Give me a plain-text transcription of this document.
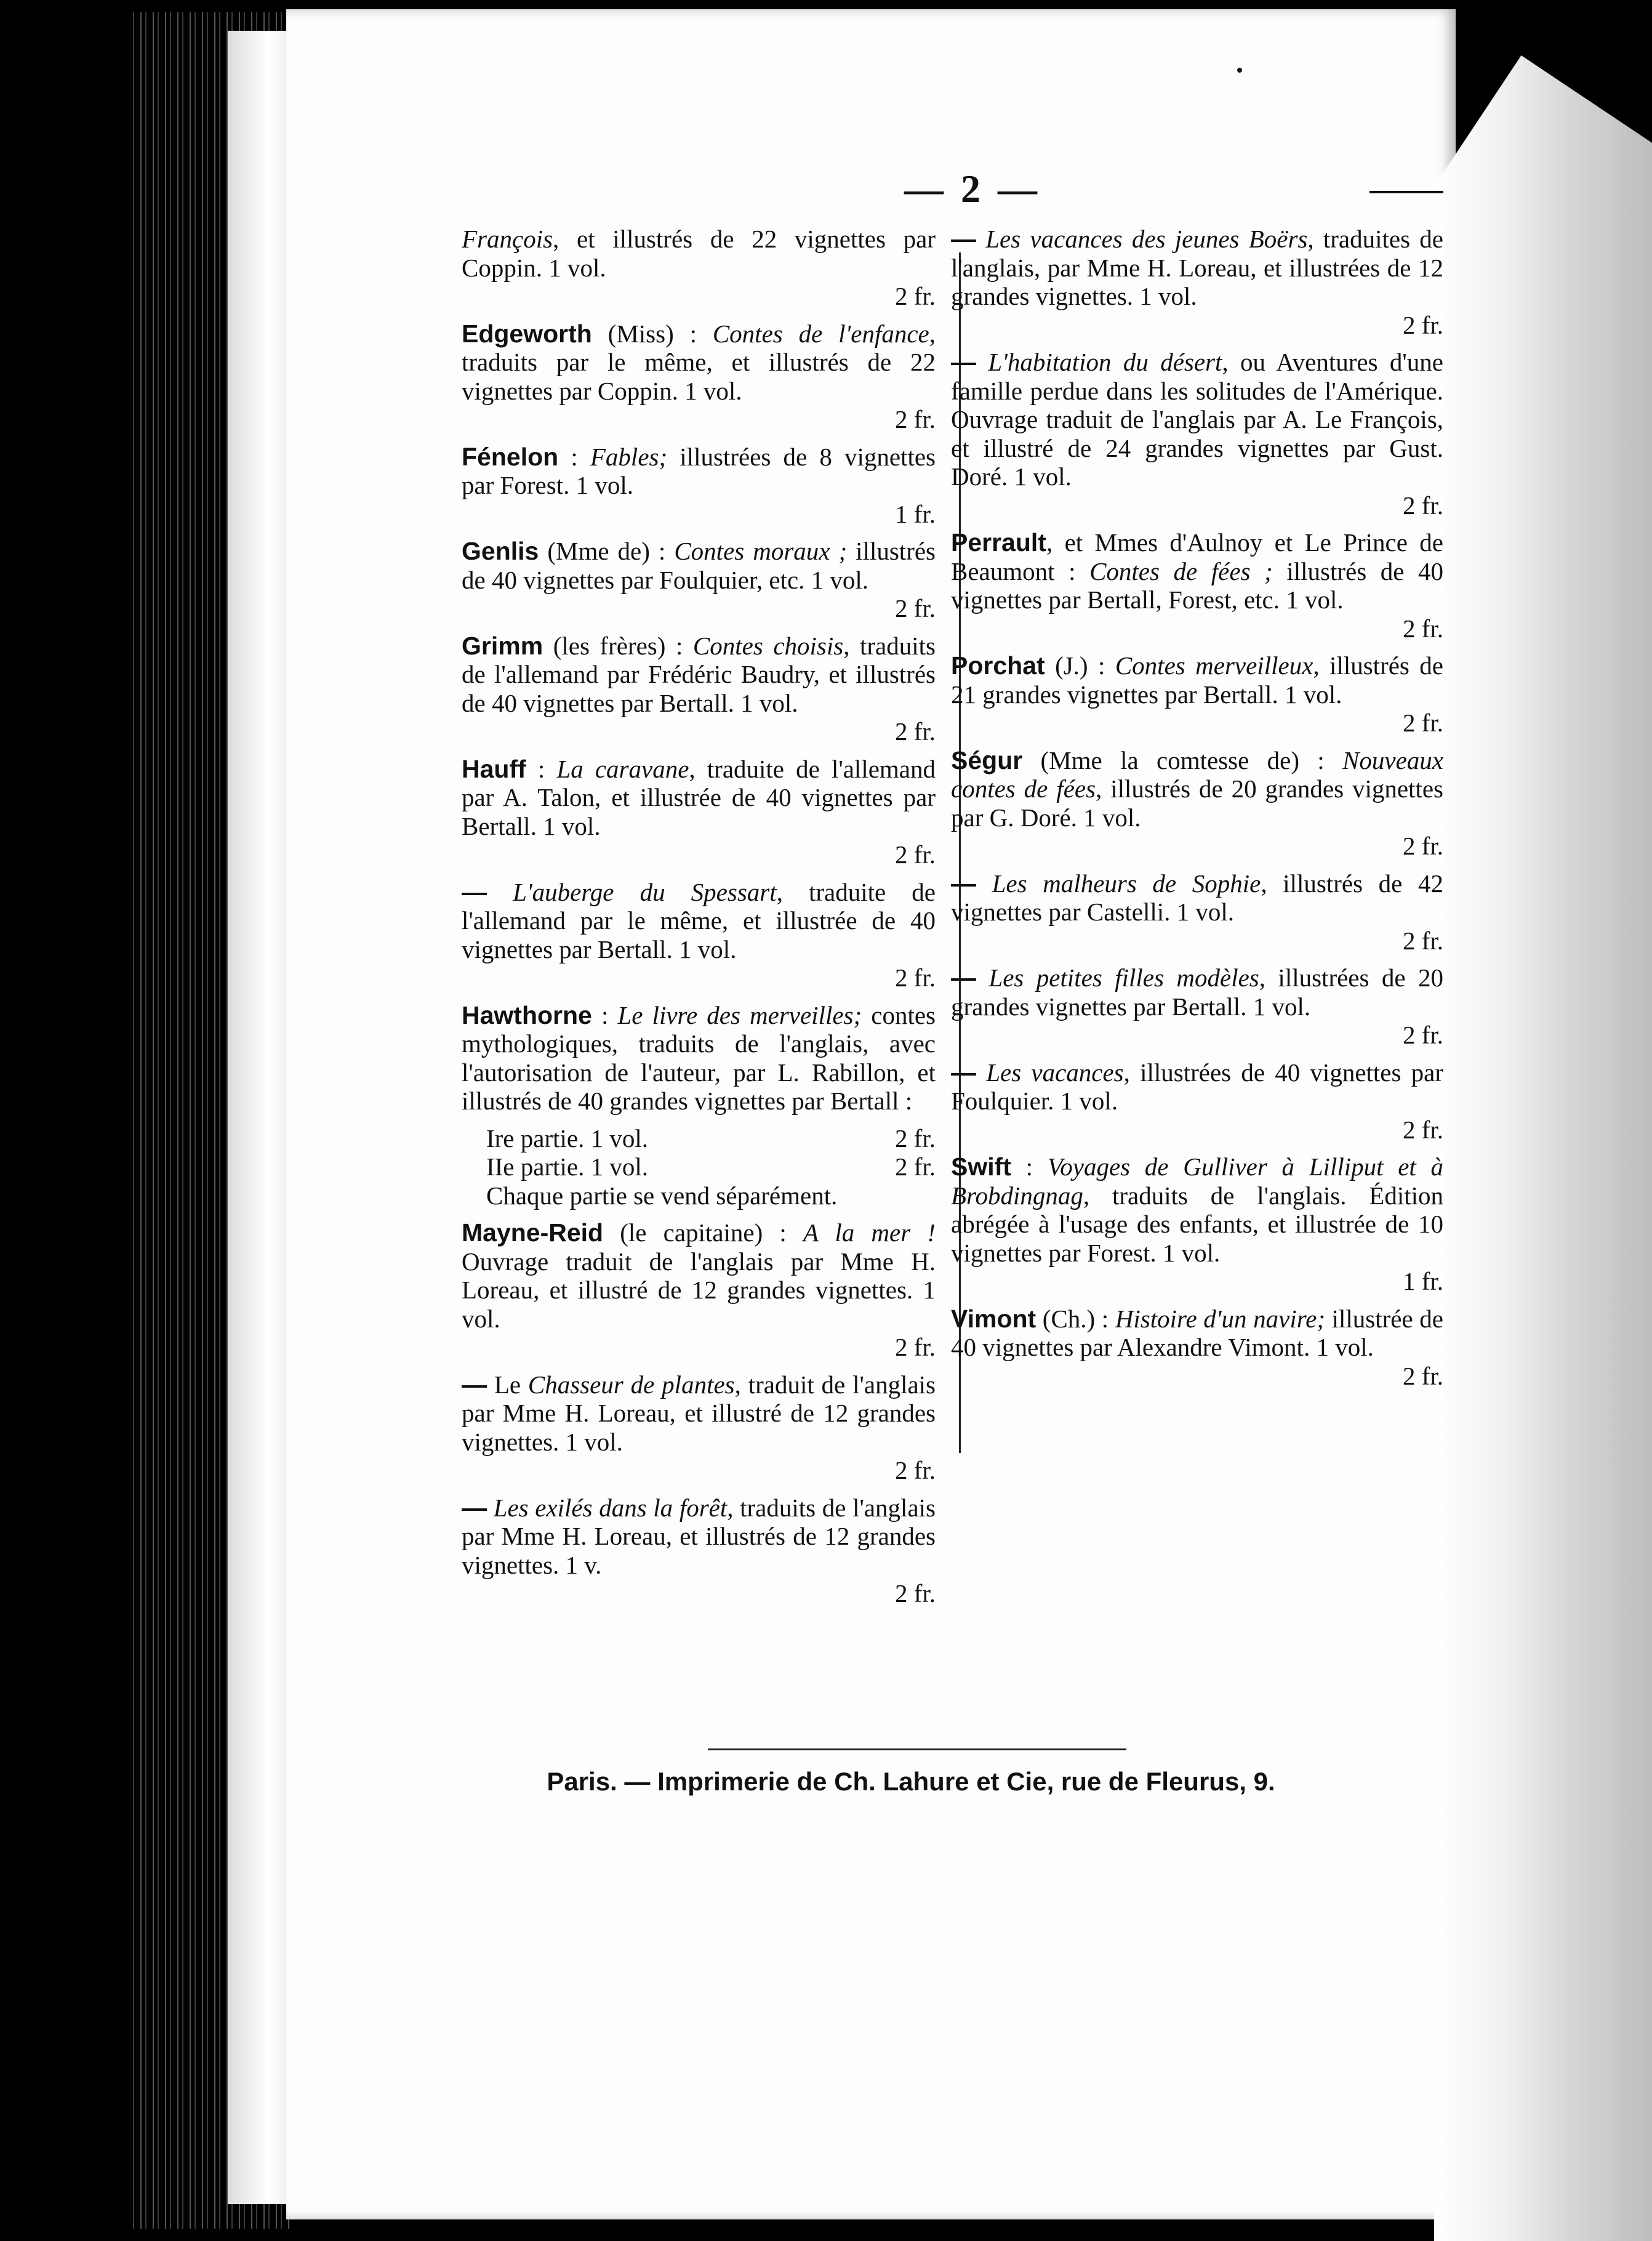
— 2 —
François, et illustrés de 22 vignettes par Coppin. 1 vol.
2 fr.
Edgeworth (Miss) : Contes de l'enfance, traduits par le même, et illustrés de 22 vignettes par Coppin. 1 vol.
2 fr.
Fénelon : Fables; illustrées de 8 vignettes par Forest. 1 vol.
1 fr.
Genlis (Mme de) : Contes moraux ; illustrés de 40 vignettes par Foulquier, etc. 1 vol.
2 fr.
Grimm (les frères) : Contes choisis, traduits de l'allemand par Frédéric Baudry, et illustrés de 40 vignettes par Bertall. 1 vol.
2 fr.
Hauff : La caravane, traduite de l'allemand par A. Talon, et illustrée de 40 vignettes par Bertall. 1 vol.
2 fr.
— L'auberge du Spessart, traduite de l'allemand par le même, et illustrée de 40 vignettes par Bertall. 1 vol.
2 fr.
Hawthorne : Le livre des merveilles; contes mythologiques, traduits de l'anglais, avec l'autorisation de l'auteur, par L. Rabillon, et illustrés de 40 grandes vignettes par Bertall :
Ire partie. 1 vol.	2 fr.
IIe partie. 1 vol.	2 fr.
Chaque partie se vend séparément.
Mayne-Reid (le capitaine) : A la mer ! Ouvrage traduit de l'anglais par Mme H. Loreau, et illustré de 12 grandes vignettes. 1 vol.
2 fr.
— Le Chasseur de plantes, traduit de l'anglais par Mme H. Loreau, et illustré de 12 grandes vignettes. 1 vol.
2 fr.
— Les exilés dans la forêt, traduits de l'anglais par Mme H. Loreau, et illustrés de 12 grandes vignettes. 1 v.
2 fr.
— Les vacances des jeunes Boërs, traduites de l'anglais, par Mme H. Loreau, et illustrées de 12 grandes vignettes. 1 vol.
2 fr.
— L'habitation du désert, ou Aventures d'une famille perdue dans les solitudes de l'Amérique. Ouvrage traduit de l'anglais par A. Le François, et illustré de 24 grandes vignettes par Gust. Doré. 1 vol.
2 fr.
Perrault, et Mmes d'Aulnoy et Le Prince de Beaumont : Contes de fées ; illustrés de 40 vignettes par Bertall, Forest, etc. 1 vol.
2 fr.
Porchat (J.) : Contes merveilleux, illustrés de 21 grandes vignettes par Bertall. 1 vol.
2 fr.
Ségur (Mme la comtesse de) : Nouveaux contes de fées, illustrés de 20 grandes vignettes par G. Doré. 1 vol.
2 fr.
— Les malheurs de Sophie, illustrés de 42 vignettes par Castelli. 1 vol.
2 fr.
— Les petites filles modèles, illustrées de 20 grandes vignettes par Bertall. 1 vol.
2 fr.
— Les vacances, illustrées de 40 vignettes par Foulquier. 1 vol.
2 fr.
Swift : Voyages de Gulliver à Lilliput et à Brobdingnag, traduits de l'anglais. Édition abrégée à l'usage des enfants, et illustrée de 10 vignettes par Forest. 1 vol.
1 fr.
Vimont (Ch.) : Histoire d'un navire; illustrée de 40 vignettes par Alexandre Vimont. 1 vol.
2 fr.
Paris. — Imprimerie de Ch. Lahure et Cie, rue de Fleurus, 9.
